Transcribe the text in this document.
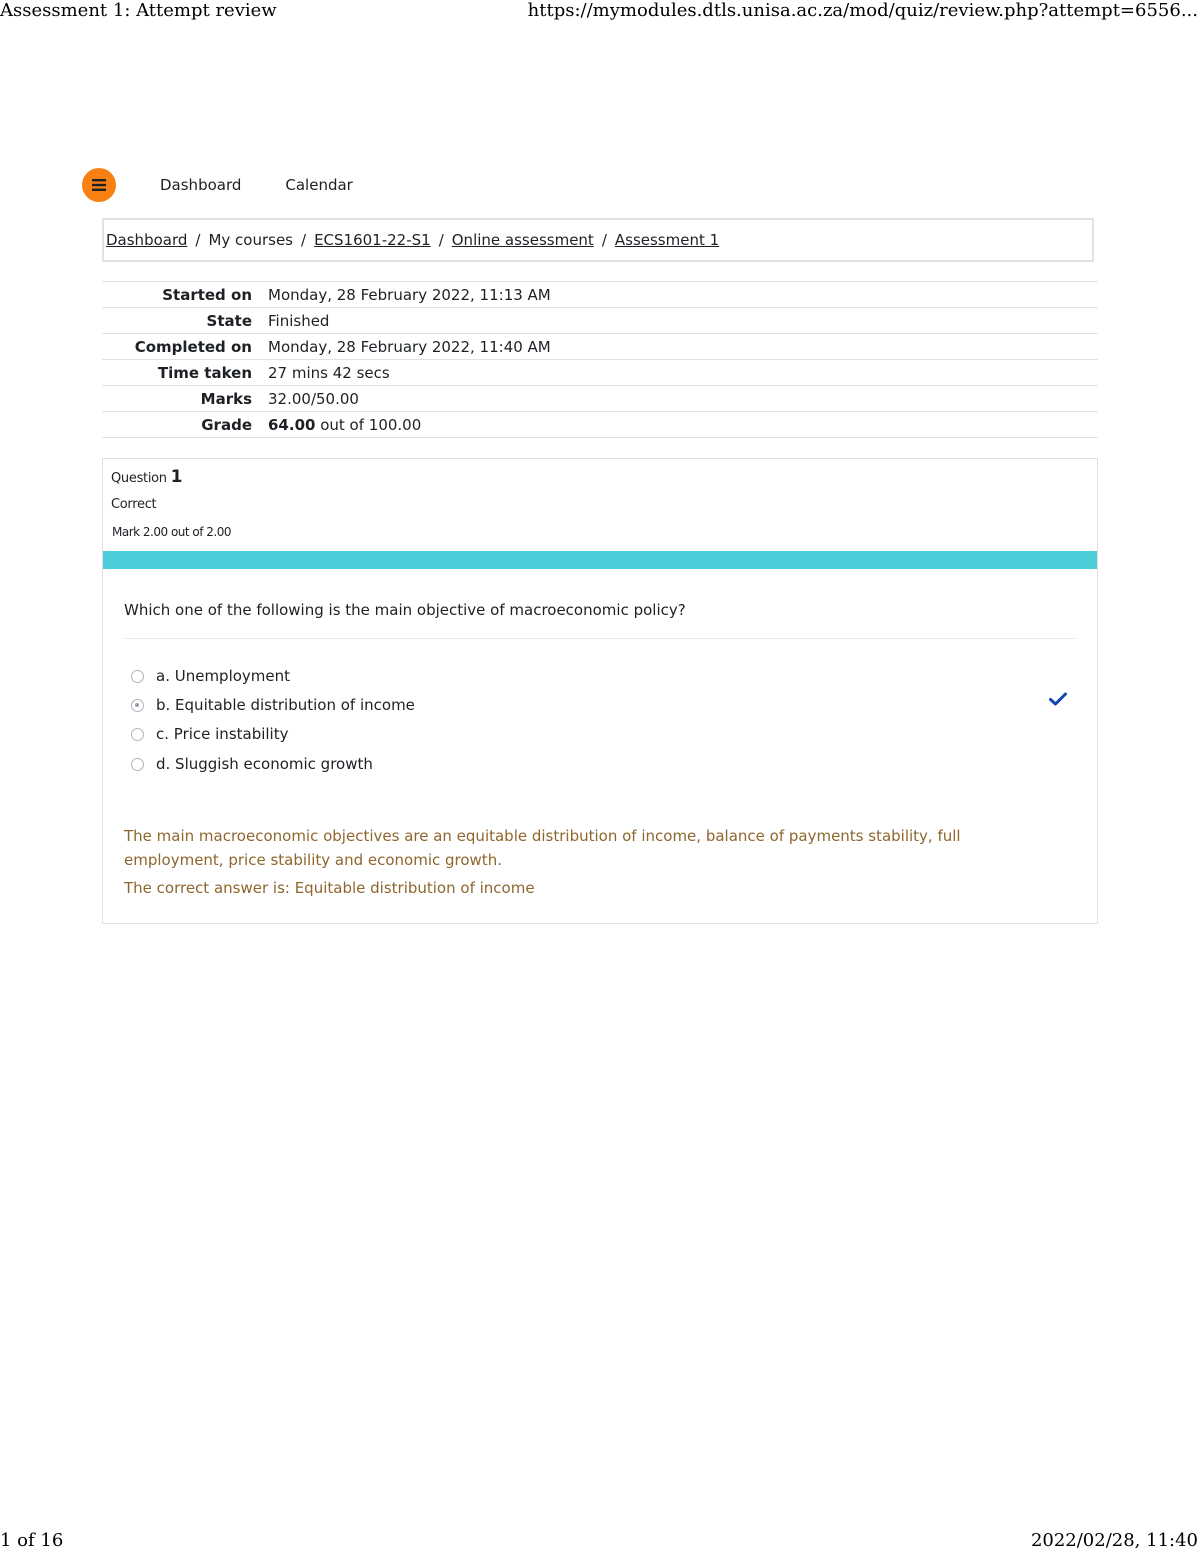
Assessment 1: Attempt review	https://mymodules.dtls.unisa.ac.za/mod/quiz/review.php?attempt=6556...
Dashboard	Calendar
Dashboard / My courses / ECS1601-22-S1 / Online assessment / Assessment 1
Started on	Monday, 28 February 2022, 11:13 AM
State	Finished
Completed on	Monday, 28 February 2022, 11:40 AM
Time taken	27 mins 42 secs
Marks	32.00/50.00
Grade	64.00 out of 100.00
Question 1
Correct
Mark 2.00 out of 2.00
Which one of the following is the main objective of macroeconomic policy?
a. Unemployment
b. Equitable distribution of income
c. Price instability
d. Sluggish economic growth
The main macroeconomic objectives are an equitable distribution of income, balance of payments stability, full employment, price stability and economic growth.
The correct answer is: Equitable distribution of income
1 of 16	2022/02/28, 11:40
